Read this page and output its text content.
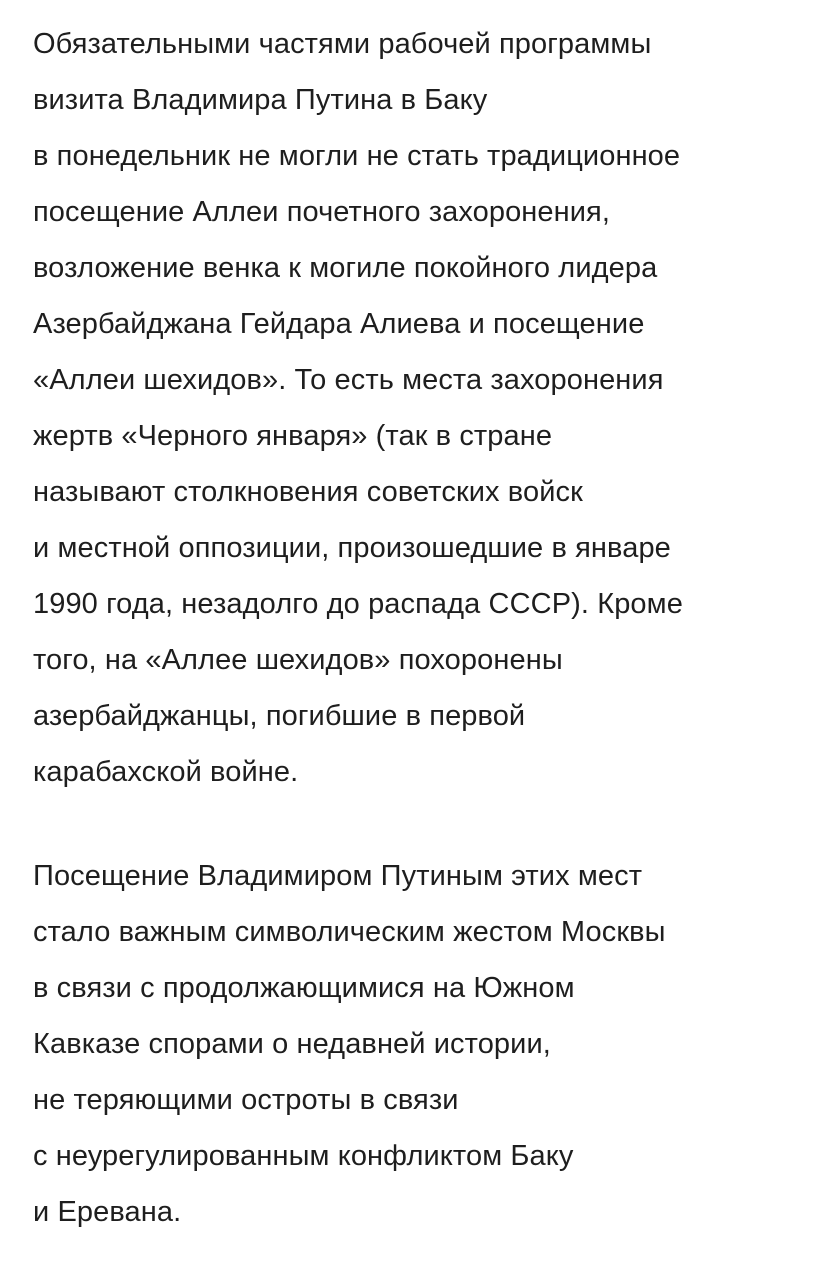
Обязательными частями рабочей программы
визита Владимира Путина в Баку
в понедельник не могли не стать традиционное
посещение Аллеи почетного захоронения,
возложение венка к могиле покойного лидера
Азербайджана Гейдара Алиева и посещение
«Аллеи шехидов». То есть места захоронения
жертв «Черного января» (так в стране
называют столкновения советских войск
и местной оппозиции, произошедшие в январе
1990 года, незадолго до распада СССР). Кроме
того, на «Аллее шехидов» похоронены
азербайджанцы, погибшие в первой
карабахской войне.

Посещение Владимиром Путиным этих мест
стало важным символическим жестом Москвы
в связи с продолжающимися на Южном
Кавказе спорами о недавней истории,
не теряющими остроты в связи
с неурегулированным конфликтом Баку
и Еревана.
